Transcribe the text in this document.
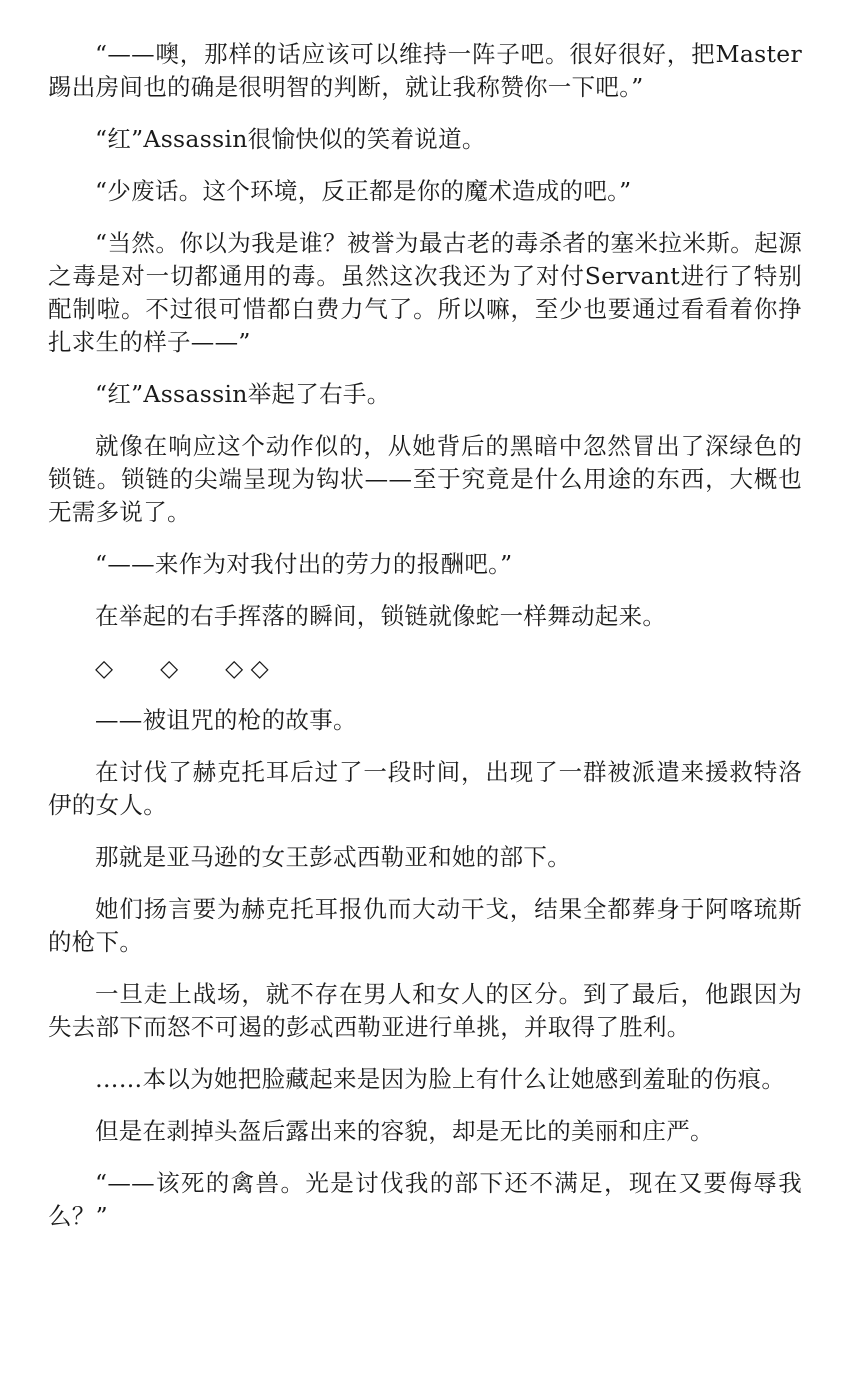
“——噢，那样的话应该可以维持一阵子吧。很好很好，把Master踢出房间也的确是很明智的判断，就让我称赞你一下吧。”

“红”Assassin很愉快似的笑着说道。

“少废话。这个环境，反正都是你的魔术造成的吧。”

“当然。你以为我是谁？被誉为最古老的毒杀者的塞米拉米斯。起源之毒是对一切都通用的毒。虽然这次我还为了对付Servant进行了特别配制啦。不过很可惜都白费力气了。所以嘛，至少也要通过看看着你挣扎求生的样子——”

“红”Assassin举起了右手。

就像在响应这个动作似的，从她背后的黑暗中忽然冒出了深绿色的锁链。锁链的尖端呈现为钩状——至于究竟是什么用途的东西，大概也无需多说了。

“——来作为对我付出的劳力的报酬吧。”

在举起的右手挥落的瞬间，锁链就像蛇一样舞动起来。

◇　　◇　　◇ ◇

——被诅咒的枪的故事。

在讨伐了赫克托耳后过了一段时间，出现了一群被派遣来援救特洛伊的女人。

那就是亚马逊的女王彭忒西勒亚和她的部下。

她们扬言要为赫克托耳报仇而大动干戈，结果全都葬身于阿喀琉斯的枪下。

一旦走上战场，就不存在男人和女人的区分。到了最后，他跟因为失去部下而怒不可遏的彭忒西勒亚进行单挑，并取得了胜利。

……本以为她把脸藏起来是因为脸上有什么让她感到羞耻的伤痕。

但是在剥掉头盔后露出来的容貌，却是无比的美丽和庄严。

“——该死的禽兽。光是讨伐我的部下还不满足，现在又要侮辱我么？”
